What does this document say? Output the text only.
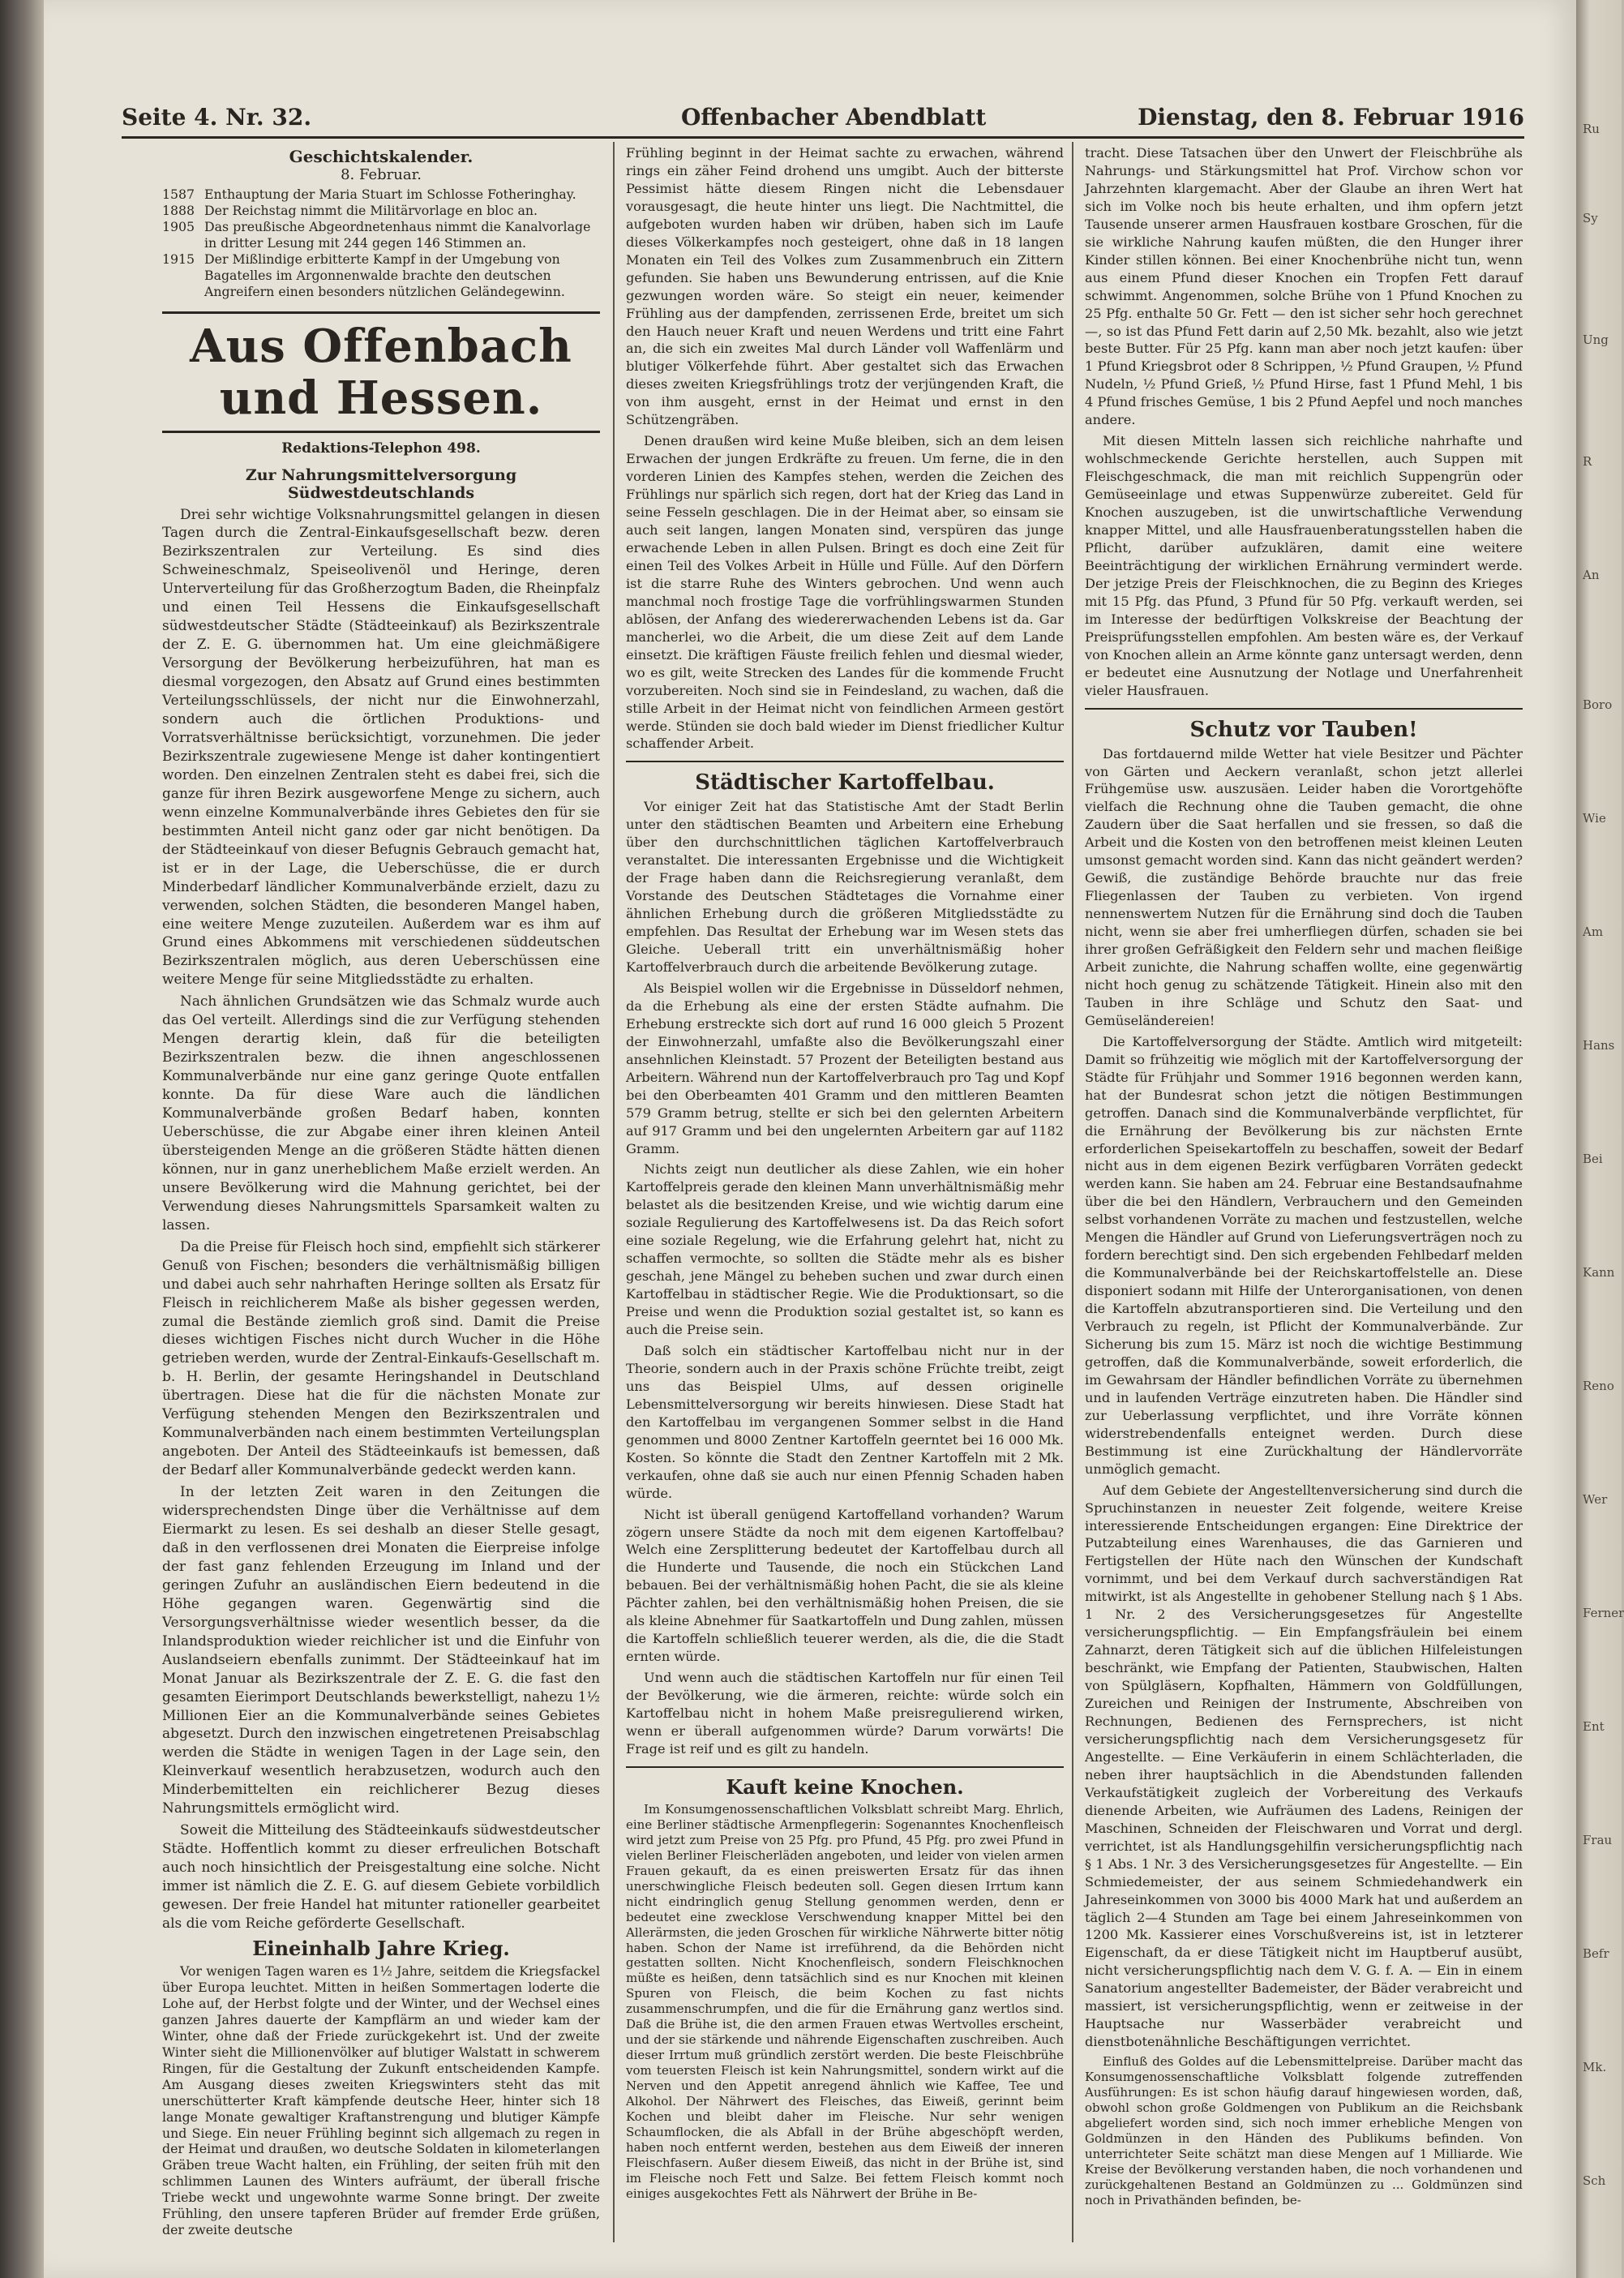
Seite 4. Nr. 32.	Offenbacher Abendblatt	Dienstag, den 8. Februar 1916
Geschichtskalender.
8. Februar.
1587 Enthauptung der Maria Stuart im Schlosse Fotheringhay.
1888 Der Reichstag nimmt die Militärvorlage en bloc an.
1905 Das preußische Abgeordnetenhaus nimmt die Kanalvorlage in dritter Lesung mit 244 gegen 146 Stimmen an.
1915 Der Mißlindige erbitterte Kampf in der Umgebung von Bagatelles im Argonnenwalde brachte den deutschen Angreifern einen besonders nützlichen Geländegewinn.
Aus Offenbach und Hessen.
Redaktions-Telephon 498.
Zur Nahrungsmittelversorgung Südwestdeutschlands

Drei sehr wichtige Volksnahrungsmittel gelangen in diesen Tagen durch die Zentral-Einkaufsgesellschaft bezw. deren Bezirkszentralen zur Verteilung. Es sind dies Schweineschmalz, Speiseolivenöl und Heringe, deren Unterverteilung für das Großherzogtum Baden, die Rheinpfalz und einen Teil Hessens die Einkaufsgesellschaft südwestdeutscher Städte (Städteeinkauf) als Bezirkszentrale der Z. E. G. übernommen hat. Um eine gleichmäßigere Versorgung der Bevölkerung herbeizuführen, hat man es diesmal vorgezogen, den Absatz auf Grund eines bestimmten Verteilungsschlüssels, der nicht nur die Einwohnerzahl, sondern auch die örtlichen Produktions- und Vorratsverhältnisse berücksichtigt, vorzunehmen. Die jeder Bezirkszentrale zugewiesene Menge ist daher kontingentiert worden. Den einzelnen Zentralen steht es dabei frei, sich die ganze für ihren Bezirk ausgeworfene Menge zu sichern, auch wenn einzelne Kommunalverbände ihres Gebietes den für sie bestimmten Anteil nicht ganz oder gar nicht benötigen. Da der Städteeinkauf von dieser Befugnis Gebrauch gemacht hat, ist er in der Lage, die Ueberschüsse, die er durch Minderbedarf ländlicher Kommunalverbände erzielt, dazu zu verwenden, solchen Städten, die besonderen Mangel haben, eine weitere Menge zuzuteilen. Außerdem war es ihm auf Grund eines Abkommens mit verschiedenen süddeutschen Bezirkszentralen möglich, aus deren Ueberschüssen eine weitere Menge für seine Mitgliedsstädte zu erhalten.

Nach ähnlichen Grundsätzen wie das Schmalz wurde auch das Oel verteilt. Allerdings sind die zur Verfügung stehenden Mengen derartig klein, daß für die beteiligten Bezirkszentralen bezw. die ihnen angeschlossenen Kommunalverbände nur eine ganz geringe Quote entfallen konnte. Da für diese Ware auch die ländlichen Kommunalverbände großen Bedarf haben, konnten Ueberschüsse, die zur Abgabe einer ihren kleinen Anteil übersteigenden Menge an die größeren Städte hätten dienen können, nur in ganz unerheblichem Maße erzielt werden. An unsere Bevölkerung wird die Mahnung gerichtet, bei der Verwendung dieses Nahrungsmittels Sparsamkeit walten zu lassen.

Da die Preise für Fleisch hoch sind, empfiehlt sich stärkerer Genuß von Fischen; besonders die verhältnismäßig billigen und dabei auch sehr nahrhaften Heringe sollten als Ersatz für Fleisch in reichlicherem Maße als bisher gegessen werden, zumal die Bestände ziemlich groß sind. Damit die Preise dieses wichtigen Fisches nicht durch Wucher in die Höhe getrieben werden, wurde der Zentral-Einkaufs-Gesellschaft m. b. H. Berlin, der gesamte Heringshandel in Deutschland übertragen. Diese hat die für die nächsten Monate zur Verfügung stehenden Mengen den Bezirkszentralen und Kommunalverbänden nach einem bestimmten Verteilungsplan angeboten. Der Anteil des Städteeinkaufs ist bemessen, daß der Bedarf aller Kommunalverbände gedeckt werden kann.

In der letzten Zeit waren in den Zeitungen die widersprechendsten Dinge über die Verhältnisse auf dem Eiermarkt zu lesen. Es sei deshalb an dieser Stelle gesagt, daß in den verflossenen drei Monaten die Eierpreise infolge der fast ganz fehlenden Erzeugung im Inland und der geringen Zufuhr an ausländischen Eiern bedeutend in die Höhe gegangen waren. Gegenwärtig sind die Versorgungsverhältnisse wieder wesentlich besser, da die Inlandsproduktion wieder reichlicher ist und die Einfuhr von Auslandseiern ebenfalls zunimmt. Der Städteeinkauf hat im Monat Januar als Bezirkszentrale der Z. E. G. die fast den gesamten Eierimport Deutschlands bewerkstelligt, nahezu 1½ Millionen Eier an die Kommunalverbände seines Gebietes abgesetzt. Durch den inzwischen eingetretenen Preisabschlag werden die Städte in wenigen Tagen in der Lage sein, den Kleinverkauf wesentlich herabzusetzen, wodurch auch den Minderbemittelten ein reichlicherer Bezug dieses Nahrungsmittels ermöglicht wird.

Soweit die Mitteilung des Städteeinkaufs südwestdeutscher Städte. Hoffentlich kommt zu dieser erfreulichen Botschaft auch noch hinsichtlich der Preisgestaltung eine solche. Nicht immer ist nämlich die Z. E. G. auf diesem Gebiete vorbildlich gewesen. Der freie Handel hat mitunter rationeller gearbeitet als die vom Reiche geförderte Gesellschaft.

Eineinhalb Jahre Krieg.

Vor wenigen Tagen waren es 1½ Jahre, seitdem die Kriegsfackel über Europa leuchtet. Mitten in heißen Sommertagen loderte die Lohe auf, der Herbst folgte und der Winter, und der Wechsel eines ganzen Jahres dauerte der Kampflärm an und wieder kam der Winter, ohne daß der Friede zurückgekehrt ist. Und der zweite Winter sieht die Millionenvölker auf blutiger Walstatt in schwerem Ringen, für die Gestaltung der Zukunft entscheidenden Kampfe. Am Ausgang dieses zweiten Kriegswinters steht das mit unerschütterter Kraft kämpfende deutsche Heer, hinter sich 18 lange Monate gewaltiger Kraftanstrengung und blutiger Kämpfe und Siege. Ein neuer Frühling beginnt sich allgemach zu regen in der Heimat und draußen, wo deutsche Soldaten in kilometerlangen Gräben treue Wacht halten, ein Frühling, der seiten früh mit den schlimmen Launen des Winters aufräumt, der überall frische Triebe weckt und ungewohnte warme Sonne bringt. Der zweite Frühling, den unsere tapferen Brüder auf fremder Erde grüßen, der zweite deutsche

Frühling beginnt in der Heimat sachte zu erwachen, während rings ein zäher Feind drohend uns umgibt. Auch der bitterste Pessimist hätte diesem Ringen nicht die Lebensdauer vorausgesagt, die heute hinter uns liegt. Die Nachtmittel, die aufgeboten wurden haben wir drüben, haben sich im Laufe dieses Völkerkampfes noch gesteigert, ohne daß in 18 langen Monaten ein Teil des Volkes zum Zusammenbruch ein Zittern gefunden. Sie haben uns Bewunderung entrissen, auf die Knie gezwungen worden wäre. So steigt ein neuer, keimender Frühling aus der dampfenden, zerrissenen Erde, breitet um sich den Hauch neuer Kraft und neuen Werdens und tritt eine Fahrt an, die sich ein zweites Mal durch Länder voll Waffenlärm und blutiger Völkerfehde führt. Aber gestaltet sich das Erwachen dieses zweiten Kriegsfrühlings trotz der verjüngenden Kraft, die von ihm ausgeht, ernst in der Heimat und ernst in den Schützengräben.

Denen draußen wird keine Muße bleiben, sich an dem leisen Erwachen der jungen Erdkräfte zu freuen. Um ferne, die in den vorderen Linien des Kampfes stehen, werden die Zeichen des Frühlings nur spärlich sich regen, dort hat der Krieg das Land in seine Fesseln geschlagen. Die in der Heimat aber, so einsam sie auch seit langen, langen Monaten sind, verspüren das junge erwachende Leben in allen Pulsen. Bringt es doch eine Zeit für einen Teil des Volkes Arbeit in Hülle und Fülle. Auf den Dörfern ist die starre Ruhe des Winters gebrochen. Und wenn auch manchmal noch frostige Tage die vorfrühlingswarmen Stunden ablösen, der Anfang des wiedererwachenden Lebens ist da. Gar mancherlei, wo die Arbeit, die um diese Zeit auf dem Lande einsetzt. Die kräftigen Fäuste freilich fehlen und diesmal wieder, wo es gilt, weite Strecken des Landes für die kommende Frucht vorzubereiten. Noch sind sie in Feindesland, zu wachen, daß die stille Arbeit in der Heimat nicht von feindlichen Armeen gestört werde. Stünden sie doch bald wieder im Dienst friedlicher Kultur schaffender Arbeit.

Städtischer Kartoffelbau.

Vor einiger Zeit hat das Statistische Amt der Stadt Berlin unter den städtischen Beamten und Arbeitern eine Erhebung über den durchschnittlichen täglichen Kartoffelverbrauch veranstaltet. Die interessanten Ergebnisse und die Wichtigkeit der Frage haben dann die Reichsregierung veranlaßt, dem Vorstande des Deutschen Städtetages die Vornahme einer ähnlichen Erhebung durch die größeren Mitgliedsstädte zu empfehlen. Das Resultat der Erhebung war im Wesen stets das Gleiche. Ueberall tritt ein unverhältnismäßig hoher Kartoffelverbrauch durch die arbeitende Bevölkerung zutage.

Als Beispiel wollen wir die Ergebnisse in Düsseldorf nehmen, da die Erhebung als eine der ersten Städte aufnahm. Die Erhebung erstreckte sich dort auf rund 16 000 gleich 5 Prozent der Einwohnerzahl, umfaßte also die Bevölkerungszahl einer ansehnlichen Kleinstadt. 57 Prozent der Beteiligten bestand aus Arbeitern. Während nun der Kartoffelverbrauch pro Tag und Kopf bei den Oberbeamten 401 Gramm und den mittleren Beamten 579 Gramm betrug, stellte er sich bei den gelernten Arbeitern auf 917 Gramm und bei den ungelernten Arbeitern gar auf 1182 Gramm.

Nichts zeigt nun deutlicher als diese Zahlen, wie ein hoher Kartoffelpreis gerade den kleinen Mann unverhältnismäßig mehr belastet als die besitzenden Kreise, und wie wichtig darum eine soziale Regulierung des Kartoffelwesens ist. Da das Reich sofort eine soziale Regelung, wie die Erfahrung gelehrt hat, nicht zu schaffen vermochte, so sollten die Städte mehr als es bisher geschah, jene Mängel zu beheben suchen und zwar durch einen Kartoffelbau in städtischer Regie. Wie die Produktionsart, so die Preise und wenn die Produktion sozial gestaltet ist, so kann es auch die Preise sein.

Daß solch ein städtischer Kartoffelbau nicht nur in der Theorie, sondern auch in der Praxis schöne Früchte treibt, zeigt uns das Beispiel Ulms, auf dessen originelle Lebensmittelversorgung wir bereits hinwiesen. Diese Stadt hat den Kartoffelbau im vergangenen Sommer selbst in die Hand genommen und 8000 Zentner Kartoffeln geerntet bei 16 000 Mk. Kosten. So könnte die Stadt den Zentner Kartoffeln mit 2 Mk. verkaufen, ohne daß sie auch nur einen Pfennig Schaden haben würde.

Nicht ist überall genügend Kartoffelland vorhanden? Warum zögern unsere Städte da noch mit dem eigenen Kartoffelbau? Welch eine Zersplitterung bedeutet der Kartoffelbau durch all die Hunderte und Tausende, die noch ein Stückchen Land bebauen. Bei der verhältnismäßig hohen Pacht, die sie als kleine Pächter zahlen, bei den verhältnismäßig hohen Preisen, die sie als kleine Abnehmer für Saatkartoffeln und Dung zahlen, müssen die Kartoffeln schließlich teuerer werden, als die, die die Stadt ernten würde.

Und wenn auch die städtischen Kartoffeln nur für einen Teil der Bevölkerung, wie die ärmeren, reichte: würde solch ein Kartoffelbau nicht in hohem Maße preisregulierend wirken, wenn er überall aufgenommen würde? Darum vorwärts! Die Frage ist reif und es gilt zu handeln.

Kauft keine Knochen.

Im Konsumgenossenschaftlichen Volksblatt schreibt Marg. Ehrlich, eine Berliner städtische Armenpflegerin: Sogenanntes Knochenfleisch wird jetzt zum Preise von 25 Pfg. pro Pfund, 45 Pfg. pro zwei Pfund in vielen Berliner Fleischerläden angeboten, und leider von vielen armen Frauen gekauft, da es einen preiswerten Ersatz für das ihnen unerschwingliche Fleisch bedeuten soll. Gegen diesen Irrtum kann nicht eindringlich genug Stellung genommen werden, denn er bedeutet eine zwecklose Verschwendung knapper Mittel bei den Allerärmsten, die jeden Groschen für wirkliche Nährwerte bitter nötig haben. Schon der Name ist irreführend, da die Behörden nicht gestatten sollten. Nicht Knochenfleisch, sondern Fleischknochen müßte es heißen, denn tatsächlich sind es nur Knochen mit kleinen Spuren von Fleisch, die beim Kochen zu fast nichts zusammenschrumpfen, und die für die Ernährung ganz wertlos sind. Daß die Brühe ist, die den armen Frauen etwas Wertvolles erscheint, und der sie stärkende und nährende Eigenschaften zuschreiben. Auch dieser Irrtum muß gründlich zerstört werden. Die beste Fleischbrühe vom teuersten Fleisch ist kein Nahrungsmittel, sondern wirkt auf die Nerven und den Appetit anregend ähnlich wie Kaffee, Tee und Alkohol. Der Nährwert des Fleisches, das Eiweiß, gerinnt beim Kochen und bleibt daher im Fleische. Nur sehr wenigen Schaumflocken, die als Abfall in der Brühe abgeschöpft werden, haben noch entfernt werden, bestehen aus dem Eiweiß der inneren Fleischfasern. Außer diesem Eiweiß, das nicht in der Brühe ist, sind im Fleische noch Fett und Salze. Bei fettem Fleisch kommt noch einiges ausgekochtes Fett als Nährwert der Brühe in Be-

tracht. Diese Tatsachen über den Unwert der Fleischbrühe als Nahrungs- und Stärkungsmittel hat Prof. Virchow schon vor Jahrzehnten klargemacht. Aber der Glaube an ihren Wert hat sich im Volke noch bis heute erhalten, und ihm opfern jetzt Tausende unserer armen Hausfrauen kostbare Groschen, für die sie wirkliche Nahrung kaufen müßten, die den Hunger ihrer Kinder stillen können. Bei einer Knochenbrühe nicht tun, wenn aus einem Pfund dieser Knochen ein Tropfen Fett darauf schwimmt. Angenommen, solche Brühe von 1 Pfund Knochen zu 25 Pfg. enthalte 50 Gr. Fett — den ist sicher sehr hoch gerechnet —, so ist das Pfund Fett darin auf 2,50 Mk. bezahlt, also wie jetzt beste Butter. Für 25 Pfg. kann man aber noch jetzt kaufen: über 1 Pfund Kriegsbrot oder 8 Schrippen, ½ Pfund Graupen, ½ Pfund Nudeln, ½ Pfund Grieß, ½ Pfund Hirse, fast 1 Pfund Mehl, 1 bis 4 Pfund frisches Gemüse, 1 bis 2 Pfund Aepfel und noch manches andere.

Mit diesen Mitteln lassen sich reichliche nahrhafte und wohlschmeckende Gerichte herstellen, auch Suppen mit Fleischgeschmack, die man mit reichlich Suppengrün oder Gemüseeinlage und etwas Suppenwürze zubereitet. Geld für Knochen auszugeben, ist die unwirtschaftliche Verwendung knapper Mittel, und alle Hausfrauenberatungsstellen haben die Pflicht, darüber aufzuklären, damit eine weitere Beeinträchtigung der wirklichen Ernährung vermindert werde. Der jetzige Preis der Fleischknochen, die zu Beginn des Krieges mit 15 Pfg. das Pfund, 3 Pfund für 50 Pfg. verkauft werden, sei im Interesse der bedürftigen Volkskreise der Beachtung der Preisprüfungsstellen empfohlen. Am besten wäre es, der Verkauf von Knochen allein an Arme könnte ganz untersagt werden, denn er bedeutet eine Ausnutzung der Notlage und Unerfahrenheit vieler Hausfrauen.

Schutz vor Tauben!

Das fortdauernd milde Wetter hat viele Besitzer und Pächter von Gärten und Aeckern veranlaßt, schon jetzt allerlei Frühgemüse usw. auszusäen. Leider haben die Vorortgehöfte vielfach die Rechnung ohne die Tauben gemacht, die ohne Zaudern über die Saat herfallen und sie fressen, so daß die Arbeit und die Kosten von den betroffenen meist kleinen Leuten umsonst gemacht worden sind. Kann das nicht geändert werden? Gewiß, die zuständige Behörde brauchte nur das freie Fliegenlassen der Tauben zu verbieten. Von irgend nennenswertem Nutzen für die Ernährung sind doch die Tauben nicht, wenn sie aber frei umherfliegen dürfen, schaden sie bei ihrer großen Gefräßigkeit den Feldern sehr und machen fleißige Arbeit zunichte, die Nahrung schaffen wollte, eine gegenwärtig nicht hoch genug zu schätzende Tätigkeit. Hinein also mit den Tauben in ihre Schläge und Schutz den Saat- und Gemüseländereien!

Die Kartoffelversorgung der Städte. Amtlich wird mitgeteilt: Damit so frühzeitig wie möglich mit der Kartoffelversorgung der Städte für Frühjahr und Sommer 1916 begonnen werden kann, hat der Bundesrat schon jetzt die nötigen Bestimmungen getroffen. Danach sind die Kommunalverbände verpflichtet, für die Ernährung der Bevölkerung bis zur nächsten Ernte erforderlichen Speisekartoffeln zu beschaffen, soweit der Bedarf nicht aus in dem eigenen Bezirk verfügbaren Vorräten gedeckt werden kann. Sie haben am 24. Februar eine Bestandsaufnahme über die bei den Händlern, Verbrauchern und den Gemeinden selbst vorhandenen Vorräte zu machen und festzustellen, welche Mengen die Händler auf Grund von Lieferungsverträgen noch zu fordern berechtigt sind. Den sich ergebenden Fehlbedarf melden die Kommunalverbände bei der Reichskartoffelstelle an. Diese disponiert sodann mit Hilfe der Unterorganisationen, von denen die Kartoffeln abzutransportieren sind. Die Verteilung und den Verbrauch zu regeln, ist Pflicht der Kommunalverbände. Zur Sicherung bis zum 15. März ist noch die wichtige Bestimmung getroffen, daß die Kommunalverbände, soweit erforderlich, die im Gewahrsam der Händler befindlichen Vorräte zu übernehmen und in laufenden Verträge einzutreten haben. Die Händler sind zur Ueberlassung verpflichtet, und ihre Vorräte können widerstrebendenfalls enteignet werden. Durch diese Bestimmung ist eine Zurückhaltung der Händlervorräte unmöglich gemacht.

Auf dem Gebiete der Angestelltenversicherung sind durch die Spruchinstanzen in neuester Zeit folgende, weitere Kreise interessierende Entscheidungen ergangen: Eine Direktrice der Putzabteilung eines Warenhauses, die das Garnieren und Fertigstellen der Hüte nach den Wünschen der Kundschaft vornimmt, und bei dem Verkauf durch sachverständigen Rat mitwirkt, ist als Angestellte in gehobener Stellung nach § 1 Abs. 1 Nr. 2 des Versicherungsgesetzes für Angestellte versicherungspflichtig. — Ein Empfangsfräulein bei einem Zahnarzt, deren Tätigkeit sich auf die üblichen Hilfeleistungen beschränkt, wie Empfang der Patienten, Staubwischen, Halten von Spülgläsern, Kopfhalten, Hämmern von Goldfüllungen, Zureichen und Reinigen der Instrumente, Abschreiben von Rechnungen, Bedienen des Fernsprechers, ist nicht versicherungspflichtig nach dem Versicherungsgesetz für Angestellte. — Eine Verkäuferin in einem Schlächterladen, die neben ihrer hauptsächlich in die Abendstunden fallenden Verkaufstätigkeit zugleich der Vorbereitung des Verkaufs dienende Arbeiten, wie Aufräumen des Ladens, Reinigen der Maschinen, Schneiden der Fleischwaren und Vorrat und dergl. verrichtet, ist als Handlungsgehilfin versicherungspflichtig nach § 1 Abs. 1 Nr. 3 des Versicherungsgesetzes für Angestellte. — Ein Schmiedemeister, der aus seinem Schmiedehandwerk ein Jahreseinkommen von 3000 bis 4000 Mark hat und außerdem an täglich 2—4 Stunden am Tage bei einem Jahreseinkommen von 1200 Mk. Kassierer eines Vorschußvereins ist, ist in letzterer Eigenschaft, da er diese Tätigkeit nicht im Hauptberuf ausübt, nicht versicherungspflichtig nach dem V. G. f. A. — Ein in einem Sanatorium angestellter Bademeister, der Bäder verabreicht und massiert, ist versicherungspflichtig, wenn er zeitweise in der Hauptsache nur Wasserbäder verabreicht und dienstbotenähnliche Beschäftigungen verrichtet.

Einfluß des Goldes auf die Lebensmittelpreise. Darüber macht das Konsumgenossenschaftliche Volksblatt folgende zutreffenden Ausführungen: Es ist schon häufig darauf hingewiesen worden, daß, obwohl schon große Goldmengen von Publikum an die Reichsbank abgeliefert worden sind, sich noch immer erhebliche Mengen von Goldmünzen in den Händen des Publikums befinden. Von unterrichteter Seite schätzt man diese Mengen auf 1 Milliarde. Wie Kreise der Bevölkerung verstanden haben, die noch vorhandenen und zurückgehaltenen Bestand an Goldmünzen zu ... Goldmünzen sind noch in Privathänden befinden, be-

Ru
Sy
Ung
R
An
Boro
Wie
Am
Hans
Bei
Kann
Reno
Wer
Ferner
Ent
Frau
Befr
Mk.
Sch
